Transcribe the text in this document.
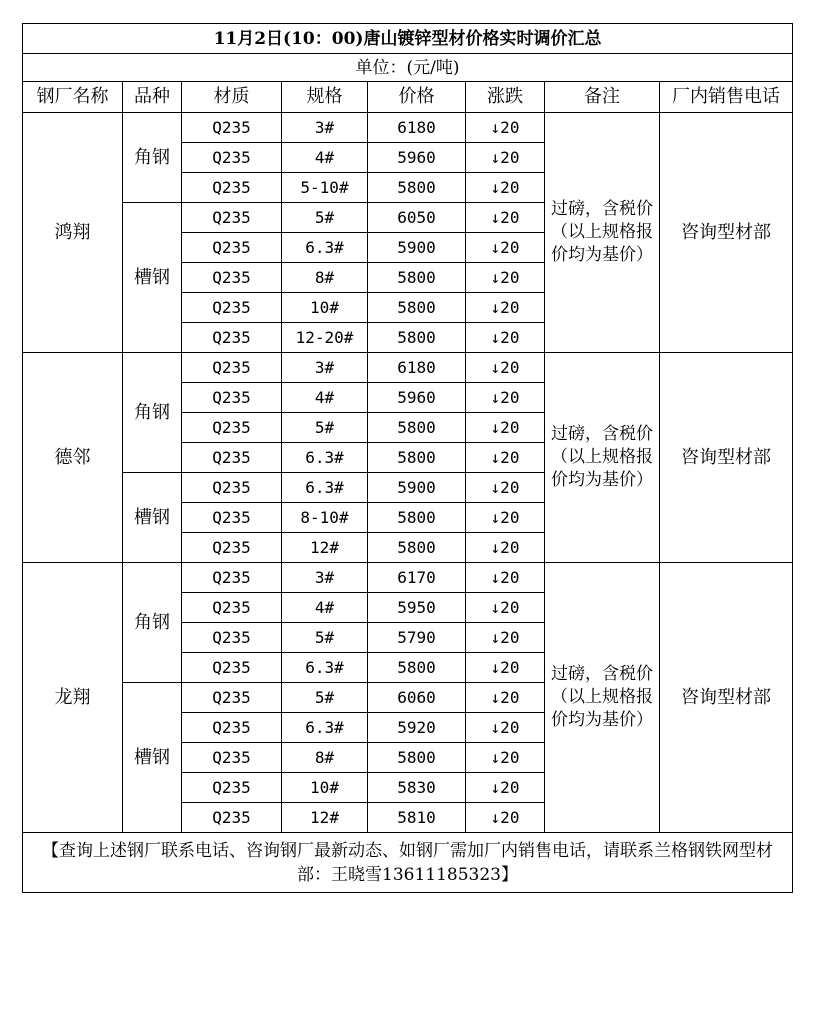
11月2日(10：00)唐山镀锌型材价格实时调价汇总							
单位：(元/吨)							
钢厂名称	品种	材质	规格	价格	涨跌	备注	厂内销售电话
鸿翔	角钢	Q235	3#	6180	↓20	过磅，含税价（以上规格报价均为基价）	咨询型材部
		Q235	4#	5960	↓20		
		Q235	5-10#	5800	↓20		
	槽钢	Q235	5#	6050	↓20		
		Q235	6.3#	5900	↓20		
		Q235	8#	5800	↓20		
		Q235	10#	5800	↓20		
		Q235	12-20#	5800	↓20		
德邻	角钢	Q235	3#	6180	↓20	过磅，含税价（以上规格报价均为基价）	咨询型材部
		Q235	4#	5960	↓20		
		Q235	5#	5800	↓20		
		Q235	6.3#	5800	↓20		
	槽钢	Q235	6.3#	5900	↓20		
		Q235	8-10#	5800	↓20		
		Q235	12#	5800	↓20		
龙翔	角钢	Q235	3#	6170	↓20	过磅，含税价（以上规格报价均为基价）	咨询型材部
		Q235	4#	5950	↓20		
		Q235	5#	5790	↓20		
		Q235	6.3#	5800	↓20		
	槽钢	Q235	5#	6060	↓20		
		Q235	6.3#	5920	↓20		
		Q235	8#	5800	↓20		
		Q235	10#	5830	↓20		
		Q235	12#	5810	↓20		
【查询上述钢厂联系电话、咨询钢厂最新动态、如钢厂需加厂内销售电话，请联系兰格钢铁网型材部：王晓雪13611185323】							
